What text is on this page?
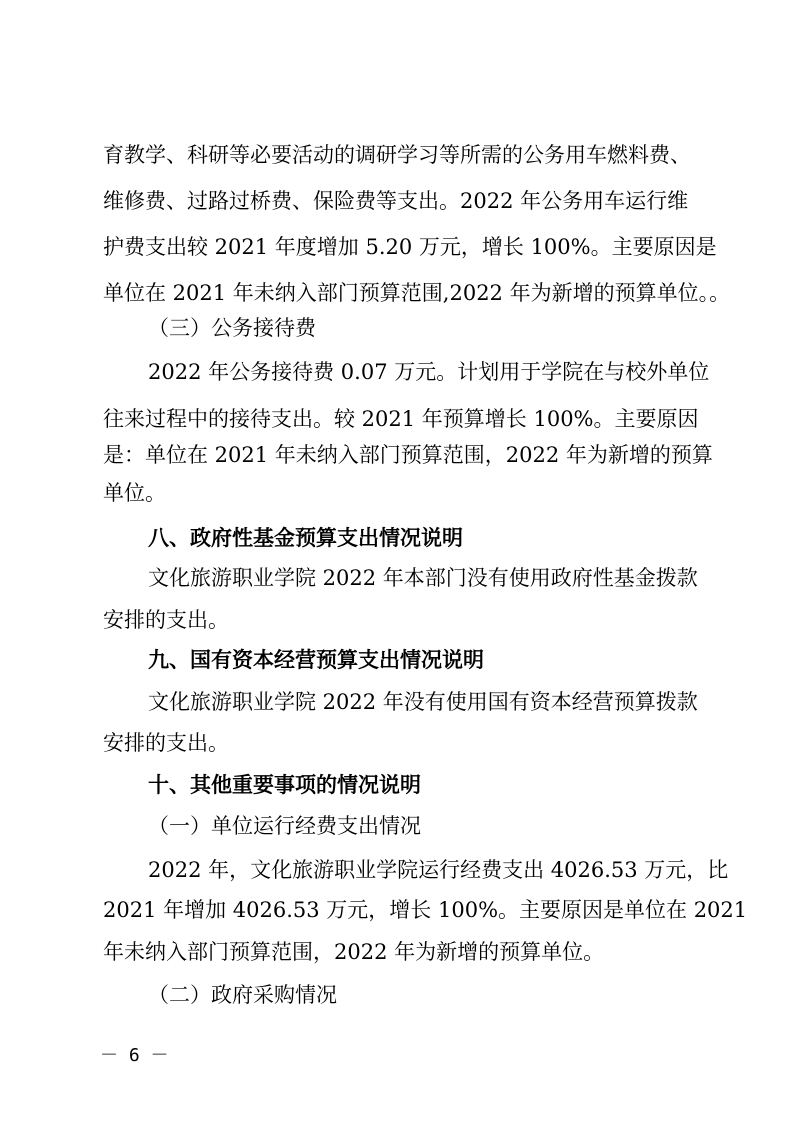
育教学、科研等必要活动的调研学习等所需的公务用车燃料费、
维修费、过路过桥费、保险费等支出。2022 年公务用车运行维
护费支出较 2021 年度增加 5.20 万元，增长 100%。主要原因是
单位在 2021 年未纳入部门预算范围,2022 年为新增的预算单位。。
（三）公务接待费
2022 年公务接待费 0.07 万元。计划用于学院在与校外单位
往来过程中的接待支出。较 2021 年预算增长 100%。主要原因
是：单位在 2021 年未纳入部门预算范围，2022 年为新增的预算
单位。
八、政府性基金预算支出情况说明
文化旅游职业学院 2022 年本部门没有使用政府性基金拨款
安排的支出。
九、国有资本经营预算支出情况说明
文化旅游职业学院 2022 年没有使用国有资本经营预算拨款
安排的支出。
十、其他重要事项的情况说明
（一）单位运行经费支出情况
2022 年，文化旅游职业学院运行经费支出 4026.53 万元，比
2021 年增加 4026.53 万元，增长 100%。主要原因是单位在 2021
年未纳入部门预算范围，2022 年为新增的预算单位。
（二）政府采购情况
－ 6 －
